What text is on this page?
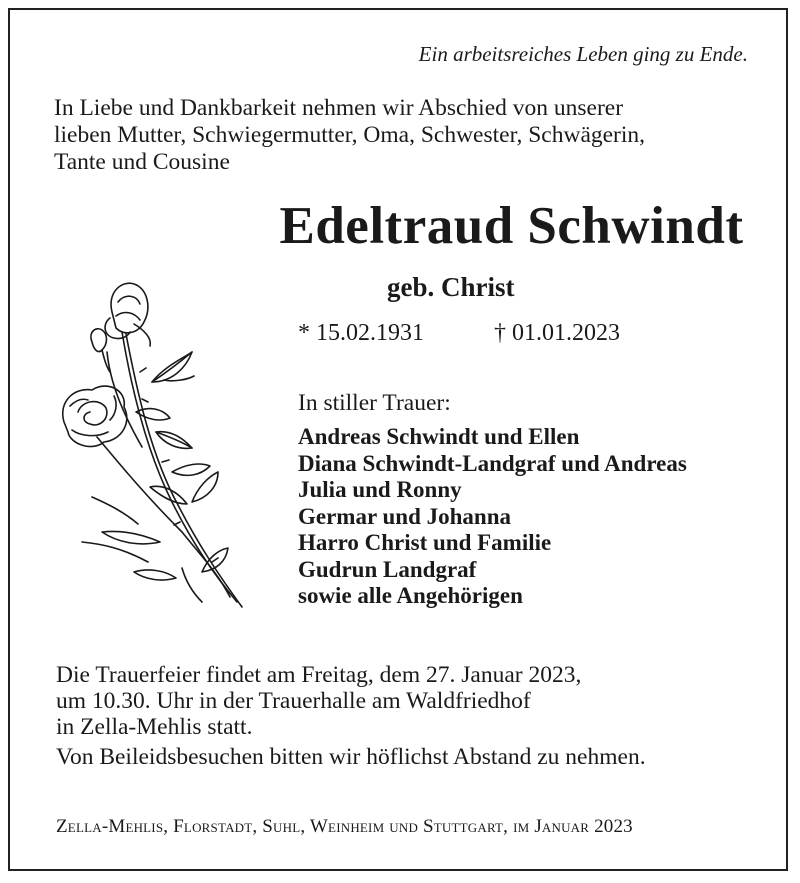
Ein arbeitsreiches Leben ging zu Ende.
In Liebe und Dankbarkeit nehmen wir Abschied von unserer
lieben Mutter, Schwiegermutter, Oma, Schwester, Schwägerin,
Tante und Cousine
Edeltraud Schwindt
geb. Christ
* 15.02.1931	† 01.01.2023
In stiller Trauer:
Andreas Schwindt und Ellen
Diana Schwindt-Landgraf und Andreas
Julia und Ronny
Germar und Johanna
Harro Christ und Familie
Gudrun Landgraf
sowie alle Angehörigen
Die Trauerfeier findet am Freitag, dem 27. Januar 2023,
um 10.30. Uhr in der Trauerhalle am Waldfriedhof
in Zella-Mehlis statt.
Von Beileidsbesuchen bitten wir höflichst Abstand zu nehmen.
Zella-Mehlis, Florstadt, Suhl, Weinheim und Stuttgart, im Januar 2023
